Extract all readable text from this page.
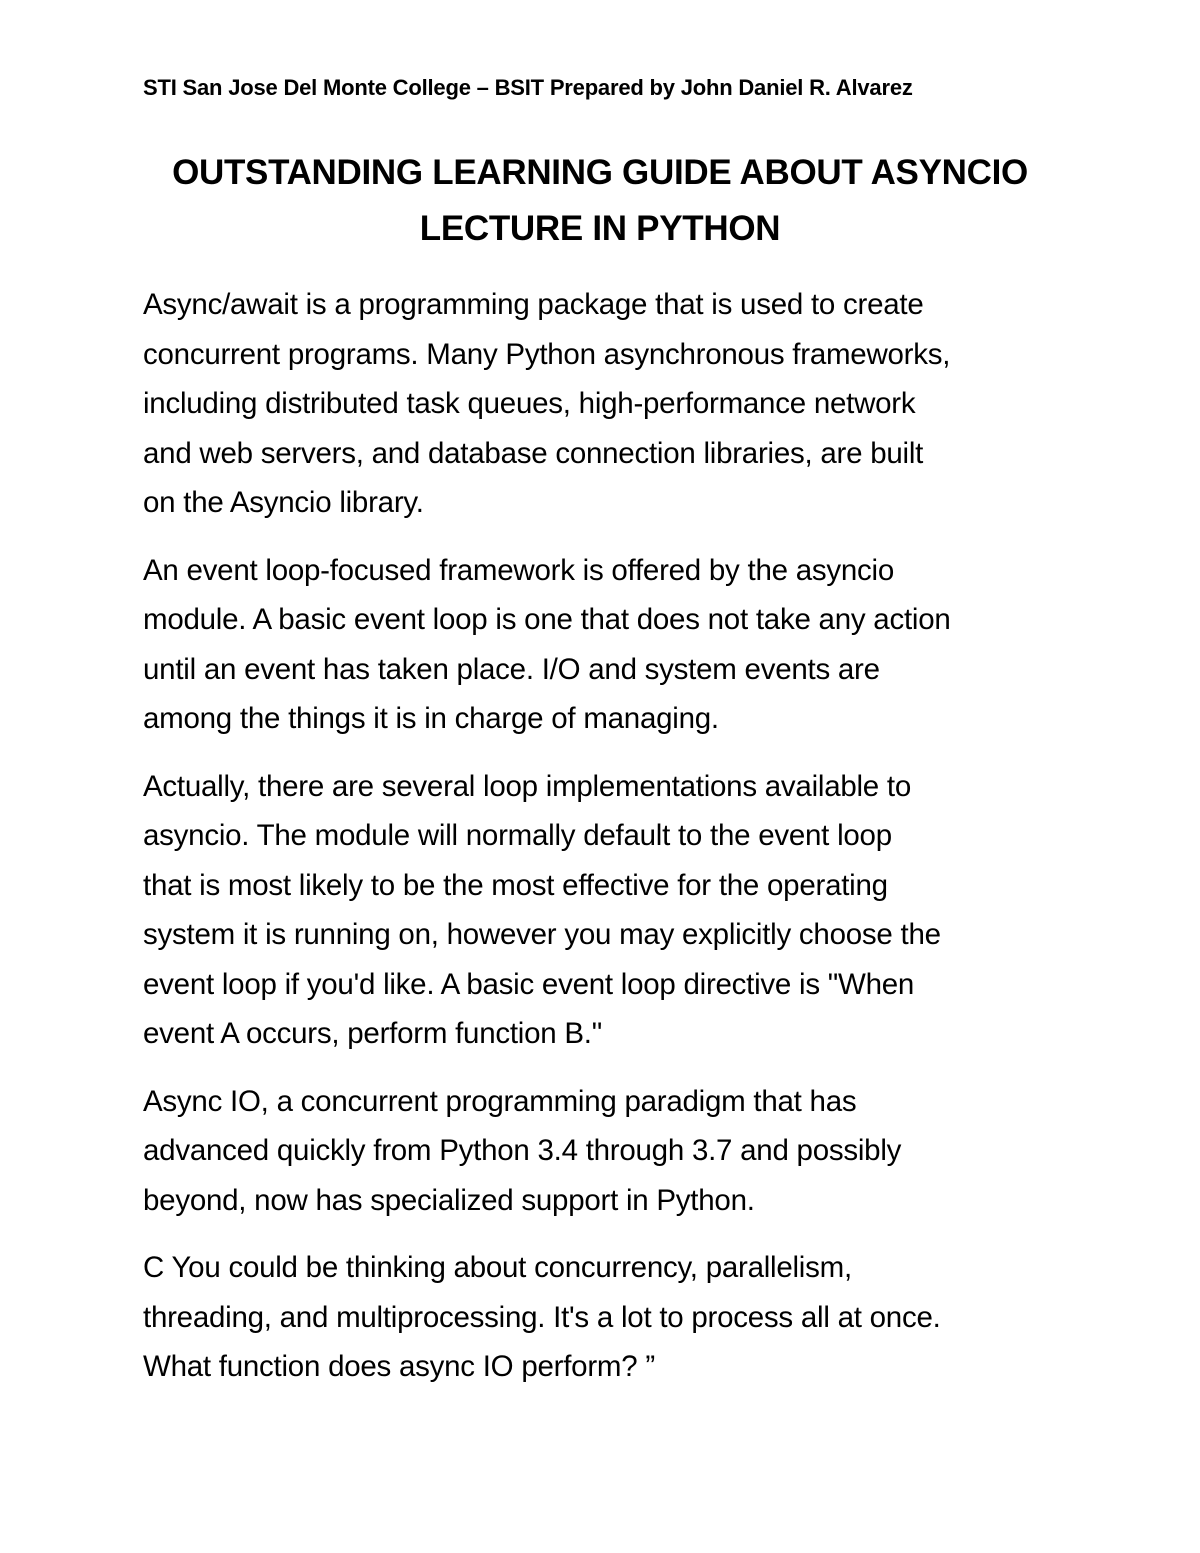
STI San Jose Del Monte College – BSIT Prepared by John Daniel R. Alvarez
OUTSTANDING LEARNING GUIDE ABOUT ASYNCIO
LECTURE IN PYTHON
Async/await is a programming package that is used to create
concurrent programs. Many Python asynchronous frameworks,
including distributed task queues, high-performance network
and web servers, and database connection libraries, are built
on the Asyncio library.
An event loop-focused framework is offered by the asyncio
module. A basic event loop is one that does not take any action
until an event has taken place. I/O and system events are
among the things it is in charge of managing.
Actually, there are several loop implementations available to
asyncio. The module will normally default to the event loop
that is most likely to be the most effective for the operating
system it is running on, however you may explicitly choose the
event loop if you'd like. A basic event loop directive is "When
event A occurs, perform function B."
Async IO, a concurrent programming paradigm that has
advanced quickly from Python 3.4 through 3.7 and possibly
beyond, now has specialized support in Python.
C You could be thinking about concurrency, parallelism,
threading, and multiprocessing. It's a lot to process all at once.
What function does async IO perform? ”
